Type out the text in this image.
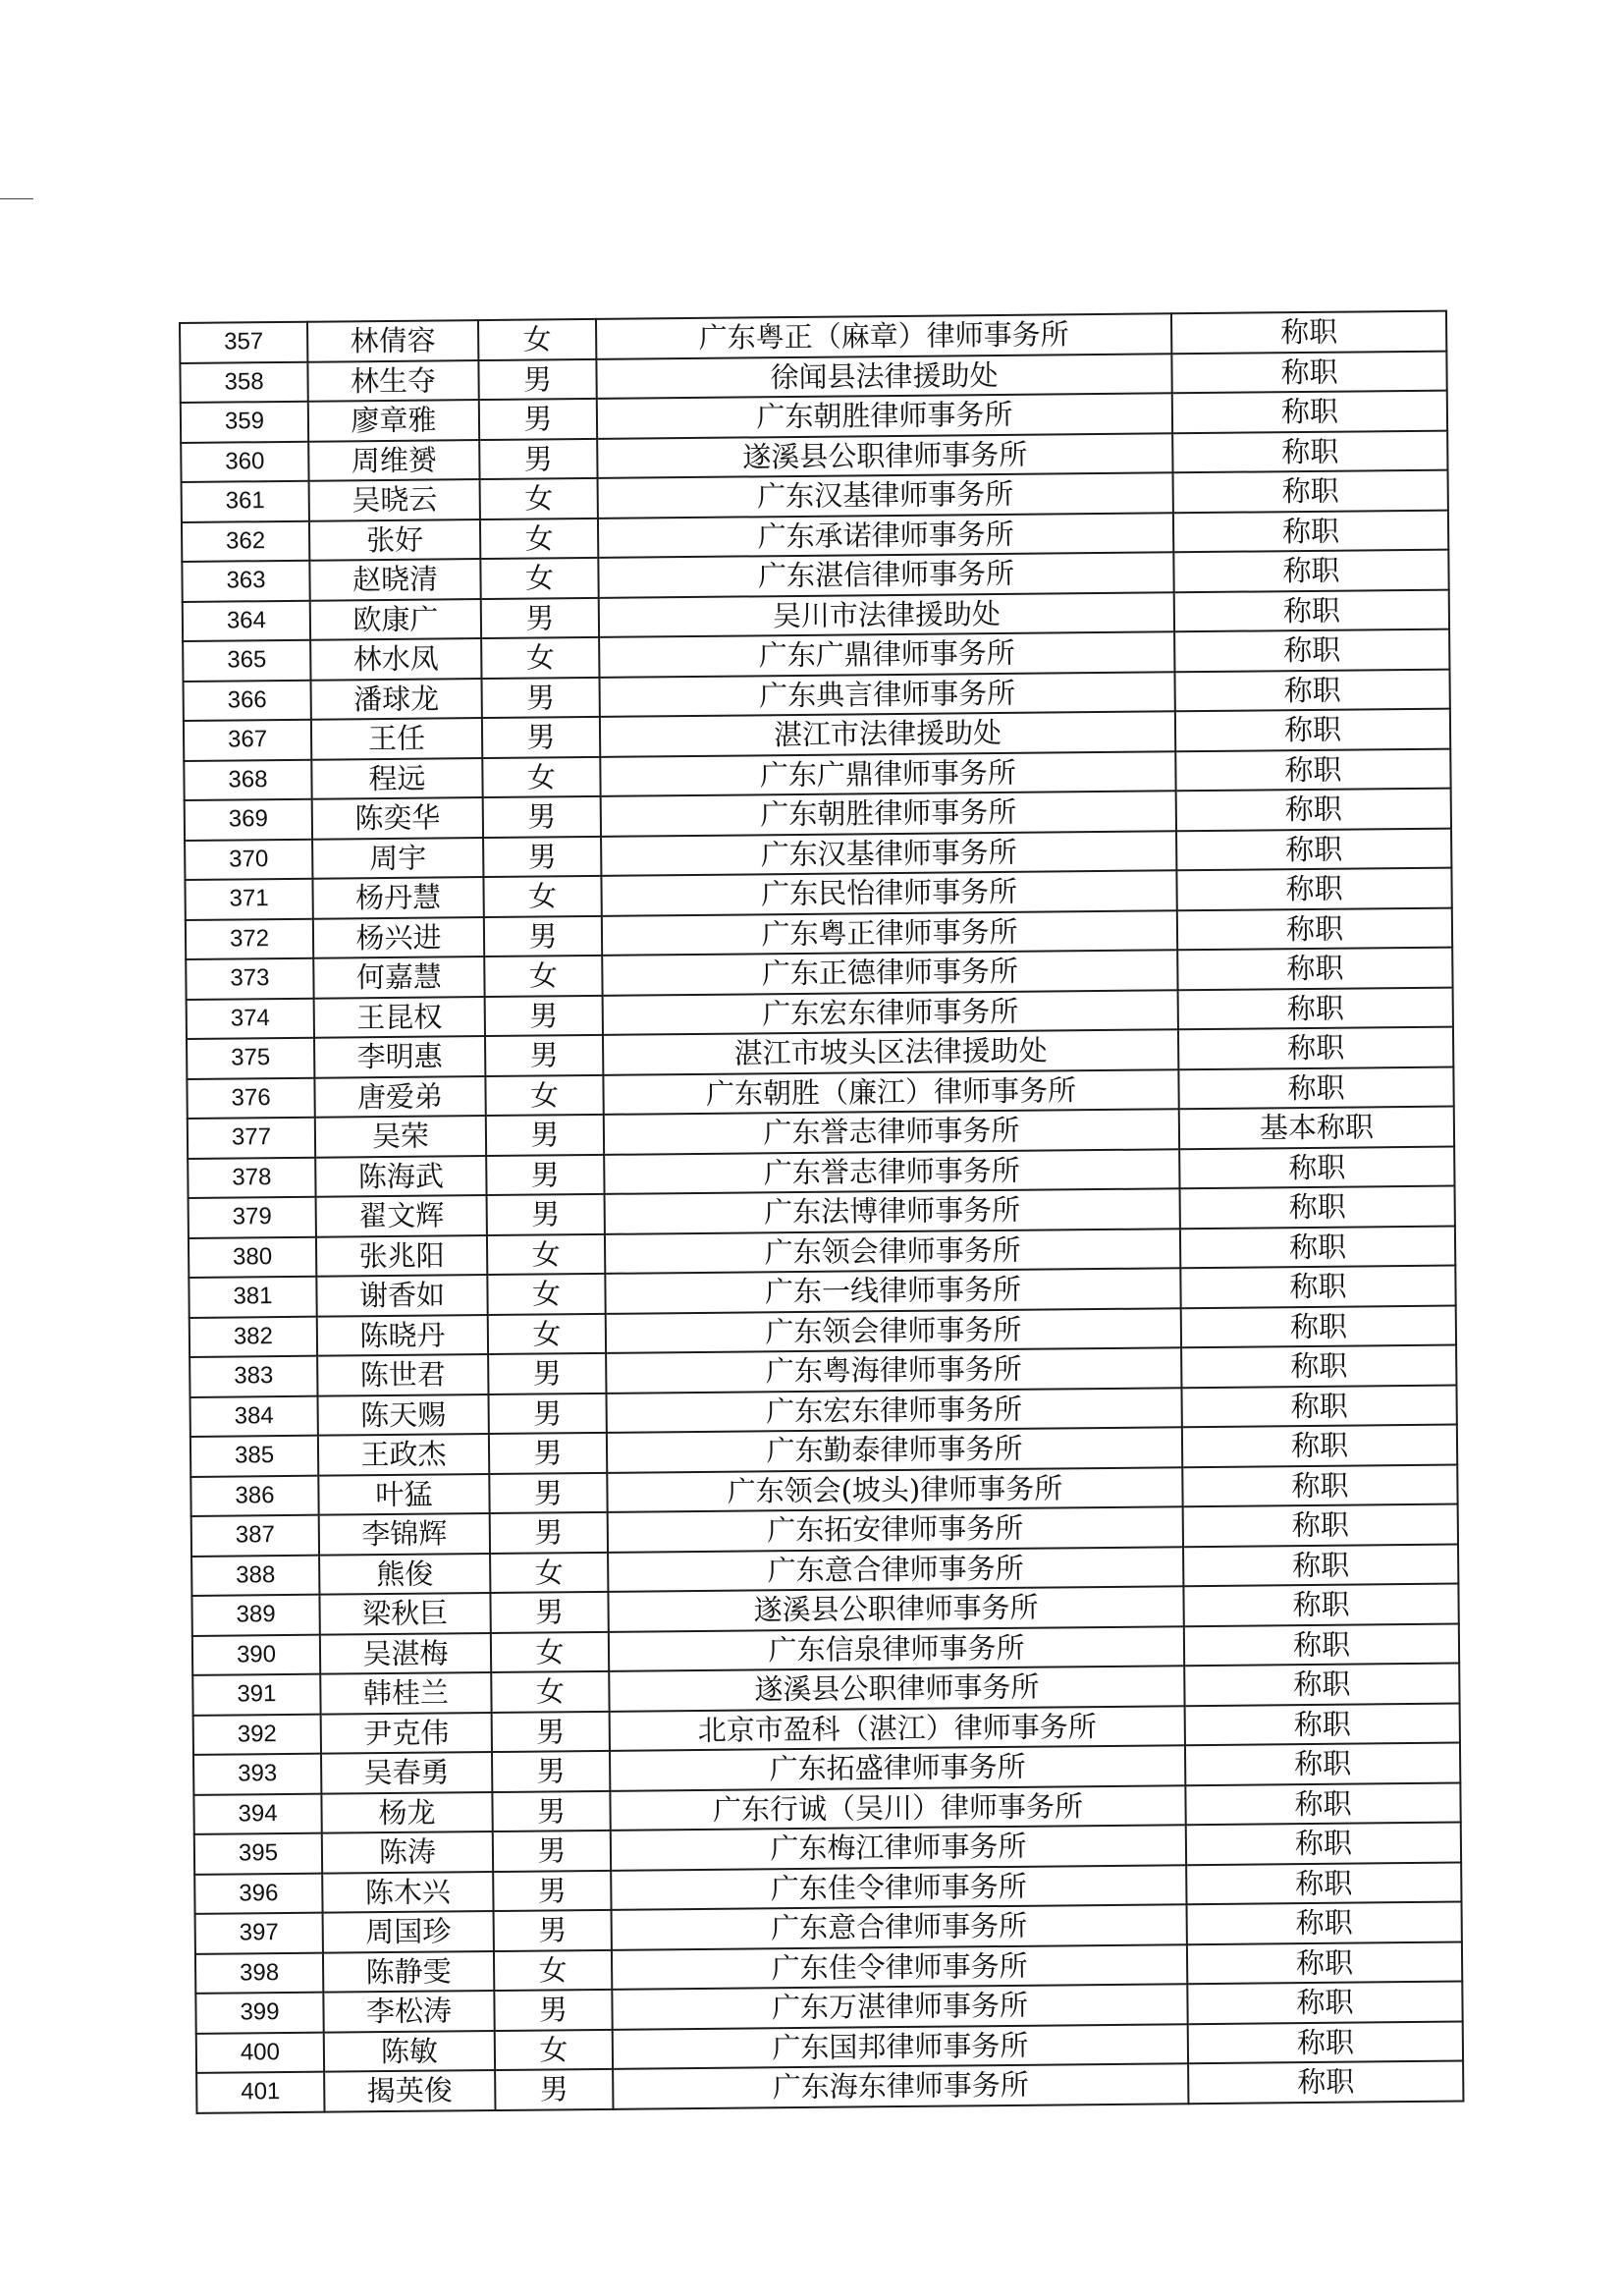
357	林倩容	女	广东粤正（麻章）律师事务所	称职
358	林生夺	男	徐闻县法律援助处	称职
359	廖章雅	男	广东朝胜律师事务所	称职
360	周维赟	男	遂溪县公职律师事务所	称职
361	吴晓云	女	广东汉基律师事务所	称职
362	张好	女	广东承诺律师事务所	称职
363	赵晓清	女	广东湛信律师事务所	称职
364	欧康广	男	吴川市法律援助处	称职
365	林水凤	女	广东广鼎律师事务所	称职
366	潘球龙	男	广东典言律师事务所	称职
367	王任	男	湛江市法律援助处	称职
368	程远	女	广东广鼎律师事务所	称职
369	陈奕华	男	广东朝胜律师事务所	称职
370	周宇	男	广东汉基律师事务所	称职
371	杨丹慧	女	广东民怡律师事务所	称职
372	杨兴进	男	广东粤正律师事务所	称职
373	何嘉慧	女	广东正德律师事务所	称职
374	王昆权	男	广东宏东律师事务所	称职
375	李明惠	男	湛江市坡头区法律援助处	称职
376	唐爱弟	女	广东朝胜（廉江）律师事务所	称职
377	吴荣	男	广东誉志律师事务所	基本称职
378	陈海武	男	广东誉志律师事务所	称职
379	翟文辉	男	广东法博律师事务所	称职
380	张兆阳	女	广东领会律师事务所	称职
381	谢香如	女	广东一线律师事务所	称职
382	陈晓丹	女	广东领会律师事务所	称职
383	陈世君	男	广东粤海律师事务所	称职
384	陈天赐	男	广东宏东律师事务所	称职
385	王政杰	男	广东勤泰律师事务所	称职
386	叶猛	男	广东领会(坡头)律师事务所	称职
387	李锦辉	男	广东拓安律师事务所	称职
388	熊俊	女	广东意合律师事务所	称职
389	梁秋巨	男	遂溪县公职律师事务所	称职
390	吴湛梅	女	广东信泉律师事务所	称职
391	韩桂兰	女	遂溪县公职律师事务所	称职
392	尹克伟	男	北京市盈科（湛江）律师事务所	称职
393	吴春勇	男	广东拓盛律师事务所	称职
394	杨龙	男	广东行诚（吴川）律师事务所	称职
395	陈涛	男	广东梅江律师事务所	称职
396	陈木兴	男	广东佳令律师事务所	称职
397	周国珍	男	广东意合律师事务所	称职
398	陈静雯	女	广东佳令律师事务所	称职
399	李松涛	男	广东万湛律师事务所	称职
400	陈敏	女	广东国邦律师事务所	称职
401	揭英俊	男	广东海东律师事务所	称职
